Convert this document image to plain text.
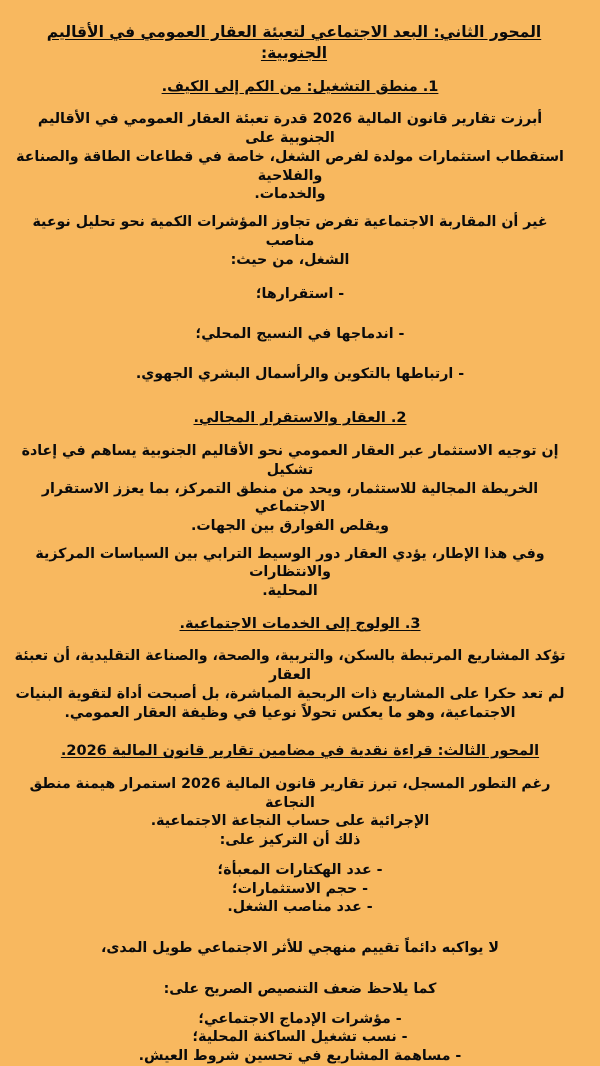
المحور الثاني: البعد الاجتماعي لتعبئة العقار العمومي في الأقاليم الجنوبية:
1. منطق التشغيل: من الكم إلى الكيف.
أبرزت تقارير قانون المالية 2026 قدرة تعبئة العقار العمومي في الأقاليم الجنوبية على
استقطاب استثمارات مولدة لفرص الشغل، خاصة في قطاعات الطاقة والصناعة والفلاحية
والخدمات.
غير أن المقاربة الاجتماعية تفرض تجاوز المؤشرات الكمية نحو تحليل نوعية مناصب
الشغل، من حيث:
- استقرارها؛
- اندماجها في النسيج المحلي؛
- ارتباطها بالتكوين والرأسمال البشري الجهوي.
2. العقار والاستقرار المجالي.
إن توجيه الاستثمار عبر العقار العمومي نحو الأقاليم الجنوبية يساهم في إعادة تشكيل
الخريطة المجالية للاستثمار، ويحد من منطق التمركز، بما يعزز الاستقرار الاجتماعي
ويقلص الفوارق بين الجهات.
وفي هذا الإطار، يؤدي العقار دور الوسيط الترابي بين السياسات المركزية والانتظارات
المحلية.
3. الولوج إلى الخدمات الاجتماعية.
تؤكد المشاريع المرتبطة بالسكن، والتربية، والصحة، والصناعة التقليدية، أن تعبئة العقار
لم تعد حكرا على المشاريع ذات الربحية المباشرة، بل أصبحت أداة لتقوية البنيات
الاجتماعية، وهو ما يعكس تحولاً نوعيا في وظيفة العقار العمومي.
المحور الثالث: قراءة نقدية في مضامين تقارير قانون المالية 2026.
رغم التطور المسجل، تبرز تقارير قانون المالية 2026 استمرار هيمنة منطق النجاعة
الإجرائية على حساب النجاعة الاجتماعية.
ذلك أن التركيز على:
- عدد الهكتارات المعبأة؛
- حجم الاستثمارات؛
- عدد مناصب الشغل.
لا يواكبه دائماً تقييم منهجي للأثر الاجتماعي طويل المدى،
كما يلاحظ ضعف التنصيص الصريح على:
- مؤشرات الإدماج الاجتماعي؛
- نسب تشغيل الساكنة المحلية؛
- مساهمة المشاريع في تحسين شروط العيش.
